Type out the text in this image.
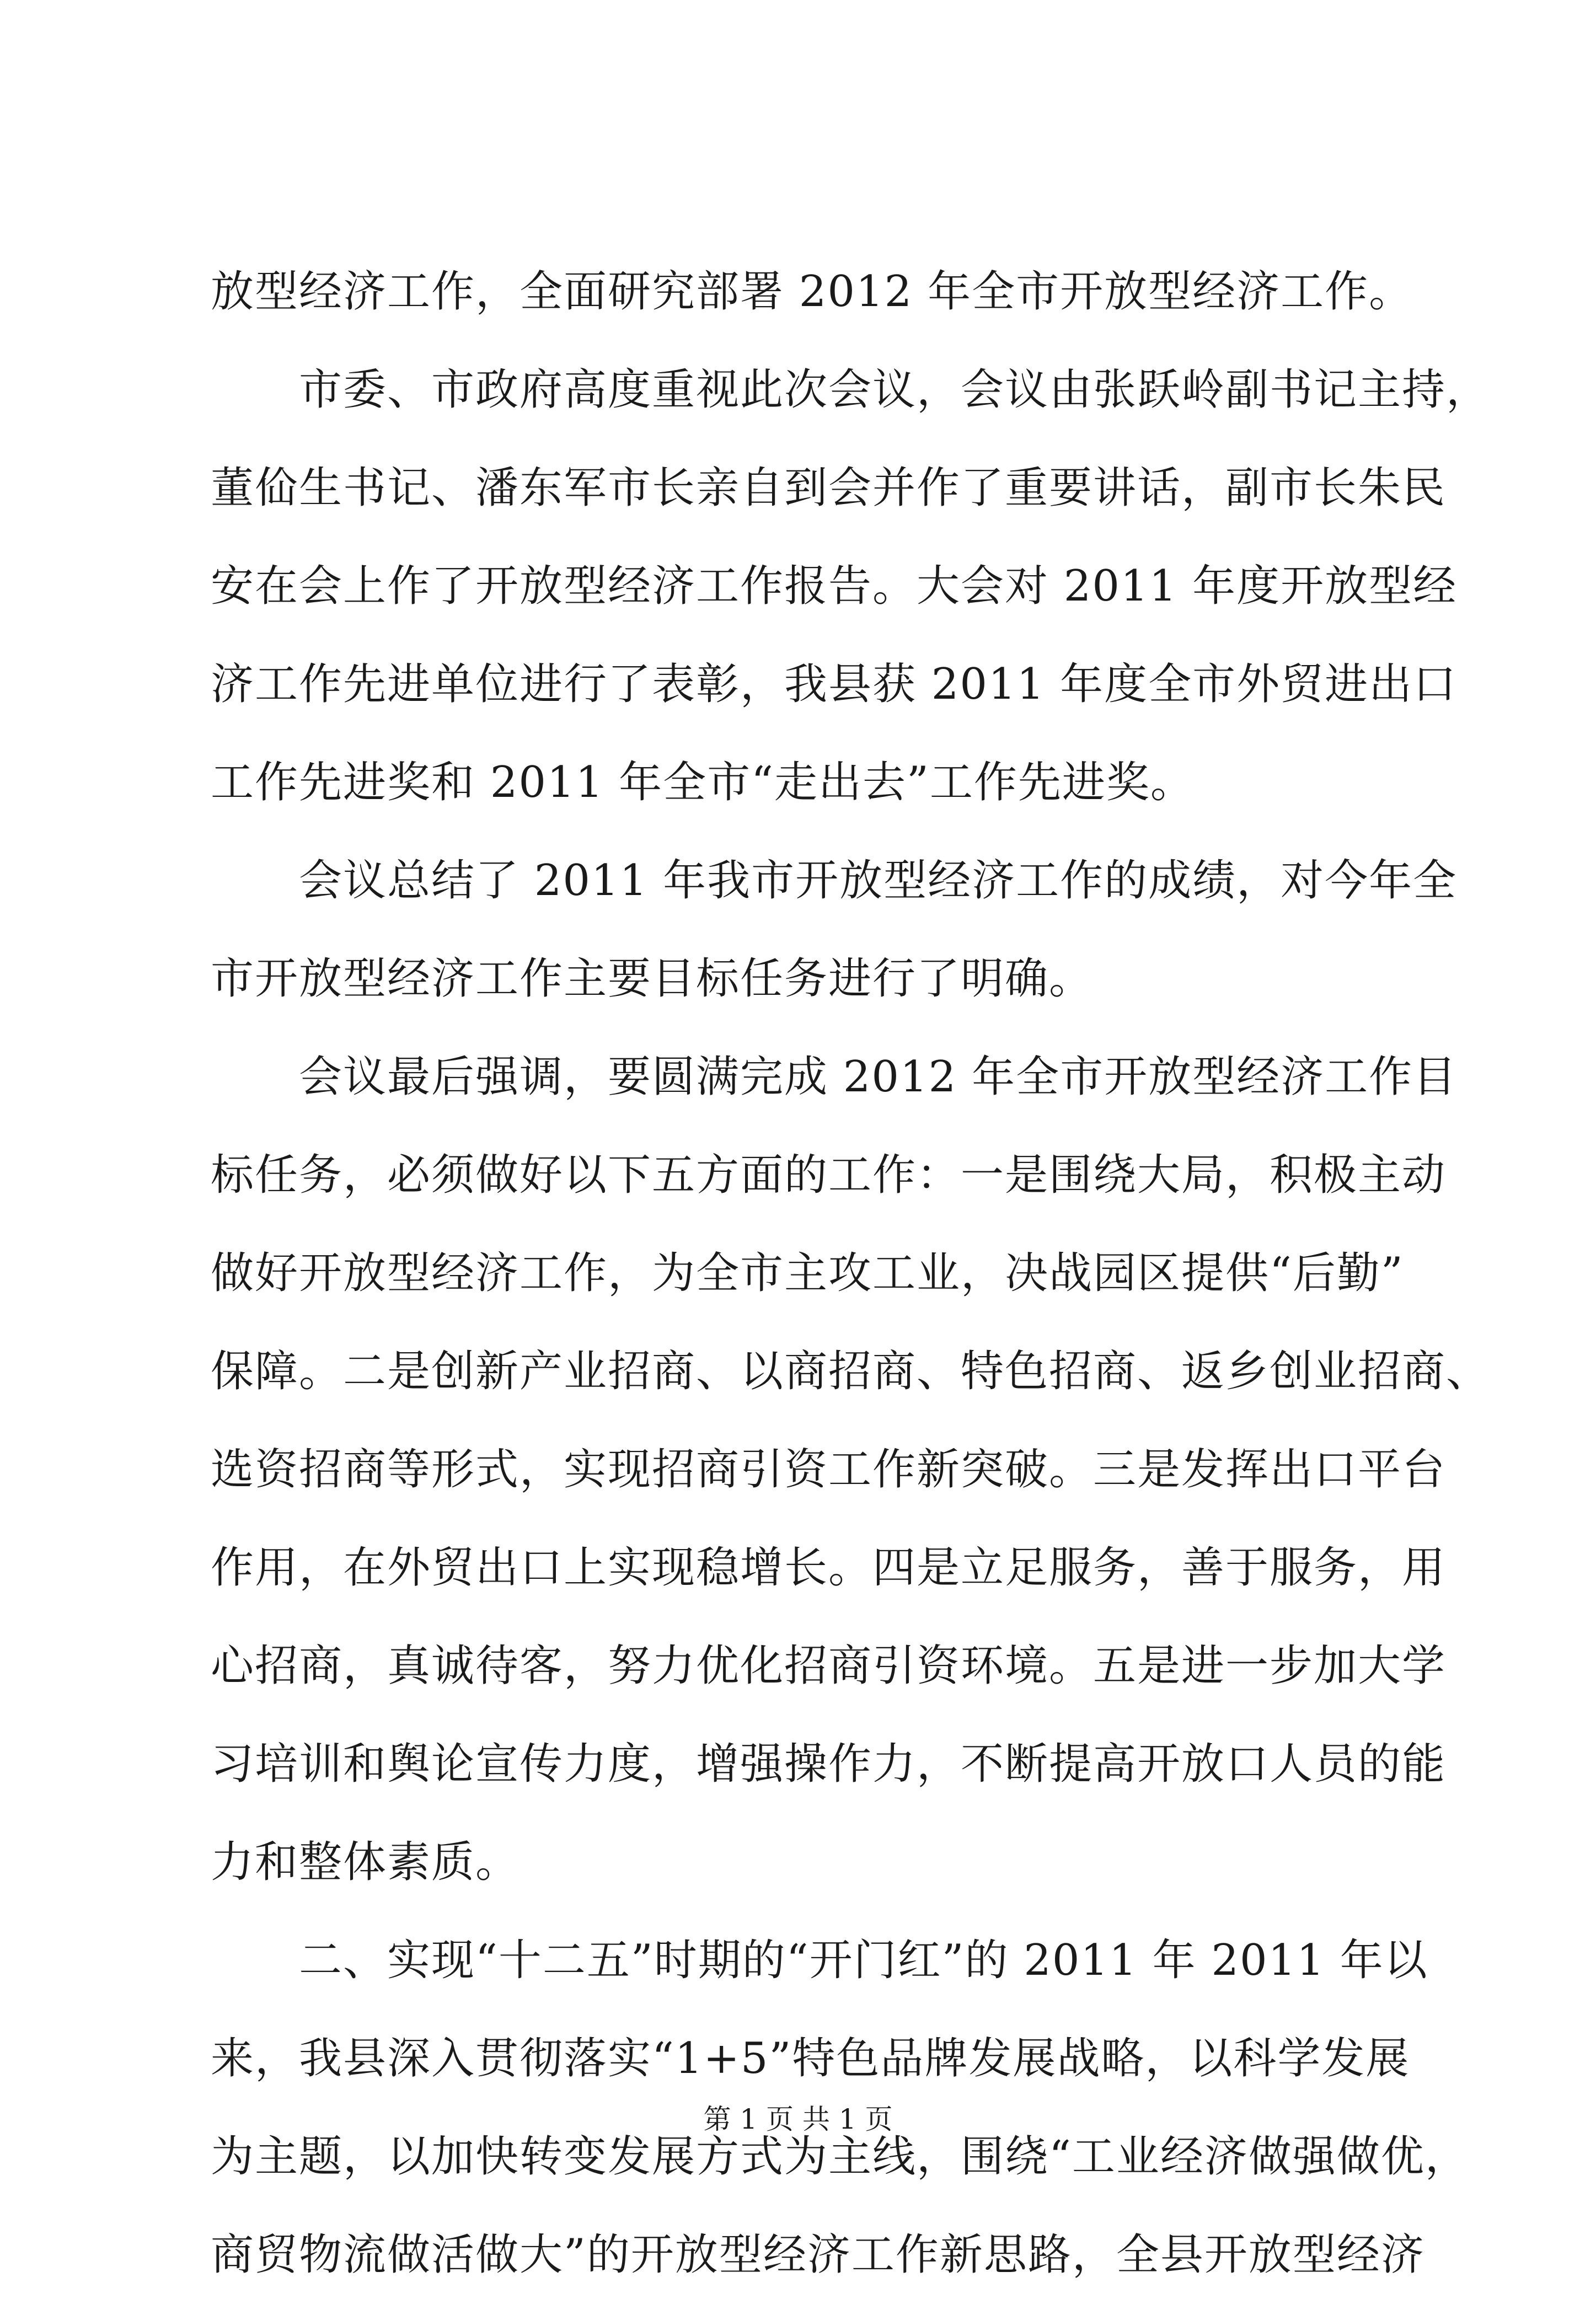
放型经济工作，全面研究部署 2012 年全市开放型经济工作。
　　市委、市政府高度重视此次会议，会议由张跃岭副书记主持，
董佡生书记、潘东军市长亲自到会并作了重要讲话，副市长朱民
安在会上作了开放型经济工作报告。大会对 2011 年度开放型经
济工作先进单位进行了表彰，我县获 2011 年度全市外贸进出口
工作先进奖和 2011 年全市“走出去”工作先进奖。
　　会议总结了 2011 年我市开放型经济工作的成绩，对今年全
市开放型经济工作主要目标任务进行了明确。
　　会议最后强调，要圆满完成 2012 年全市开放型经济工作目
标任务，必须做好以下五方面的工作：一是围绕大局，积极主动
做好开放型经济工作，为全市主攻工业，决战园区提供“后勤”
保障。二是创新产业招商、以商招商、特色招商、返乡创业招商、
选资招商等形式，实现招商引资工作新突破。三是发挥出口平台
作用，在外贸出口上实现稳增长。四是立足服务，善于服务，用
心招商，真诚待客，努力优化招商引资环境。五是进一步加大学
习培训和舆论宣传力度，增强操作力，不断提高开放口人员的能
力和整体素质。
　　二、实现“十二五”时期的“开门红”的 2011 年 2011 年以
来，我县深入贯彻落实“1+5”特色品牌发展战略，以科学发展
为主题，以加快转变发展方式为主线，围绕“工业经济做强做优，
商贸物流做活做大”的开放型经济工作新思路，全县开放型经济
第 1 页 共 1 页
